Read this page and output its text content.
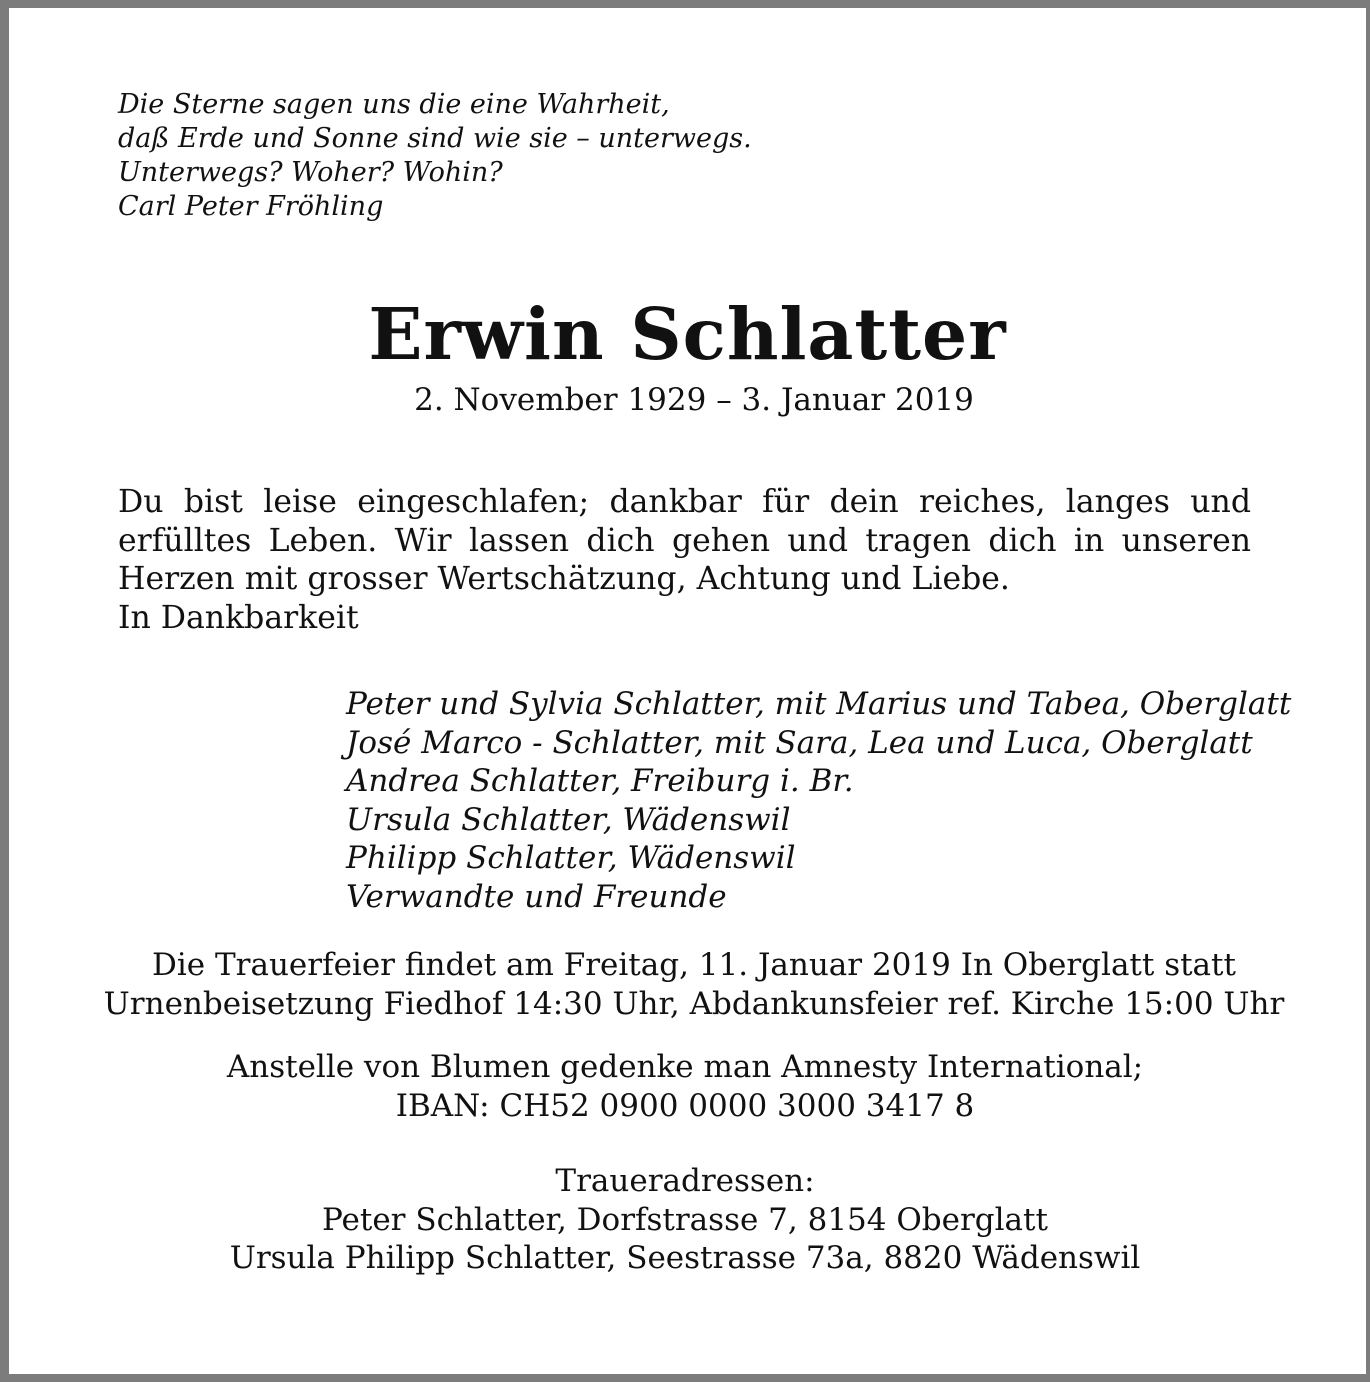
Die Sterne sagen uns die eine Wahrheit,
daß Erde und Sonne sind wie sie – unterwegs.
Unterwegs? Woher? Wohin?
Carl Peter Fröhling
Erwin Schlatter
2. November 1929 – 3. Januar 2019
Du bist leise eingeschlafen; dankbar für dein reiches, langes und
erfülltes Leben. Wir lassen dich gehen und tragen dich in unseren
Herzen mit grosser Wertschätzung, Achtung und Liebe.
In Dankbarkeit
Peter und Sylvia Schlatter, mit Marius und Tabea, Oberglatt
José Marco - Schlatter, mit Sara, Lea und Luca, Oberglatt
Andrea Schlatter, Freiburg i. Br.
Ursula Schlatter, Wädenswil
Philipp Schlatter, Wädenswil
Verwandte und Freunde
Die Trauerfeier findet am Freitag, 11. Januar 2019 In Oberglatt statt
Urnenbeisetzung Fiedhof 14:30 Uhr, Abdankunsfeier ref. Kirche 15:00 Uhr
Anstelle von Blumen gedenke man Amnesty International;
IBAN: CH52 0900 0000 3000 3417 8
Traueradressen:
Peter Schlatter, Dorfstrasse 7, 8154 Oberglatt
Ursula Philipp Schlatter, Seestrasse 73a, 8820 Wädenswil
